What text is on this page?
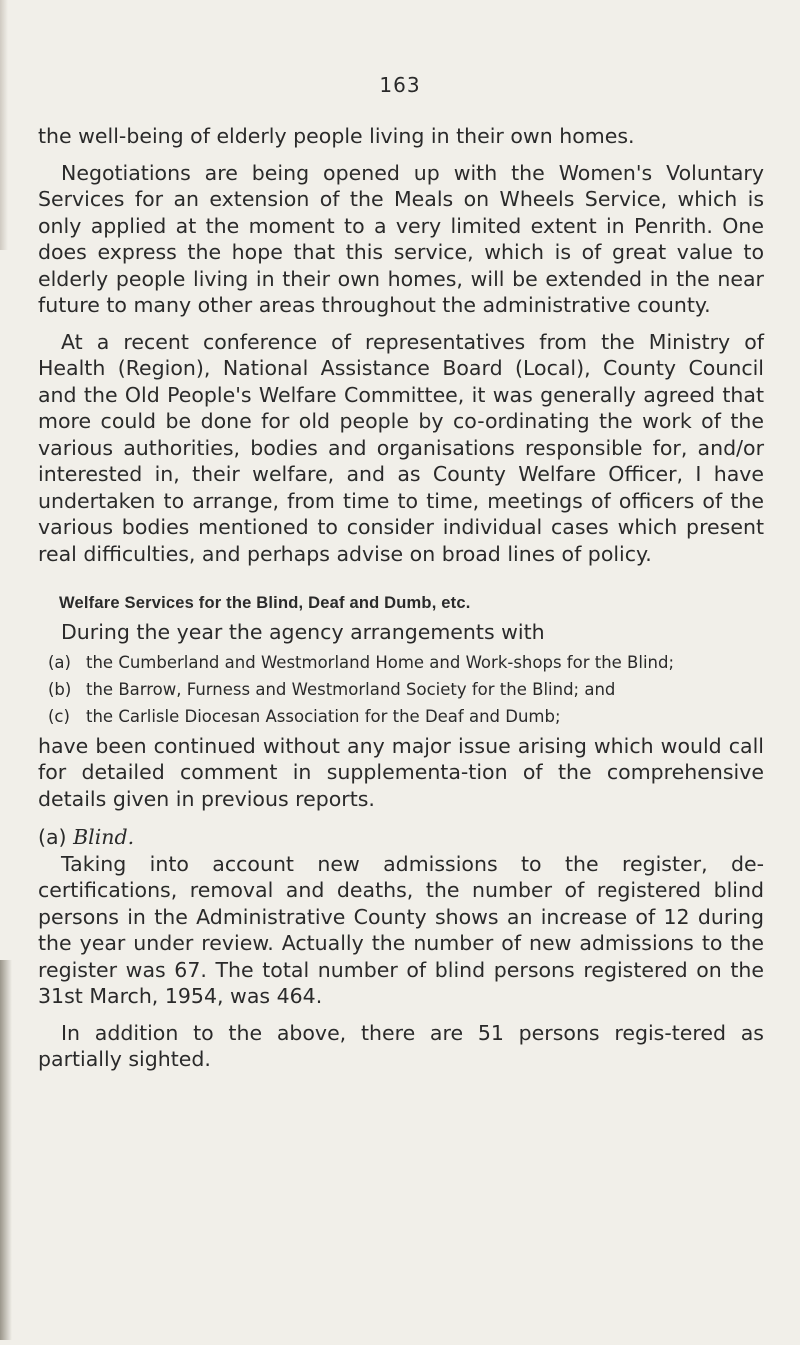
163

the well-being of elderly people living in their own homes.

Negotiations are being opened up with the Women's Voluntary Services for an extension of the Meals on Wheels Service, which is only applied at the moment to a very limited extent in Penrith. One does express the hope that this service, which is of great value to elderly people living in their own homes, will be extended in the near future to many other areas throughout the administrative county.

At a recent conference of representatives from the Ministry of Health (Region), National Assistance Board (Local), County Council and the Old People's Welfare Committee, it was generally agreed that more could be done for old people by co-ordinating the work of the various authorities, bodies and organisations responsible for, and/or interested in, their welfare, and as County Welfare Officer, I have undertaken to arrange, from time to time, meetings of officers of the various bodies mentioned to consider individual cases which present real difficulties, and perhaps advise on broad lines of policy.

Welfare Services for the Blind, Deaf and Dumb, etc.

During the year the agency arrangements with

(a) the Cumberland and Westmorland Home and Work-shops for the Blind;
(b) the Barrow, Furness and Westmorland Society for the Blind; and
(c) the Carlisle Diocesan Association for the Deaf and Dumb;

have been continued without any major issue arising which would call for detailed comment in supplementa-tion of the comprehensive details given in previous reports.

(a) Blind.

Taking into account new admissions to the register, de-certifications, removal and deaths, the number of registered blind persons in the Administrative County shows an increase of 12 during the year under review. Actually the number of new admissions to the register was 67. The total number of blind persons registered on the 31st March, 1954, was 464.

In addition to the above, there are 51 persons regis-tered as partially sighted.
